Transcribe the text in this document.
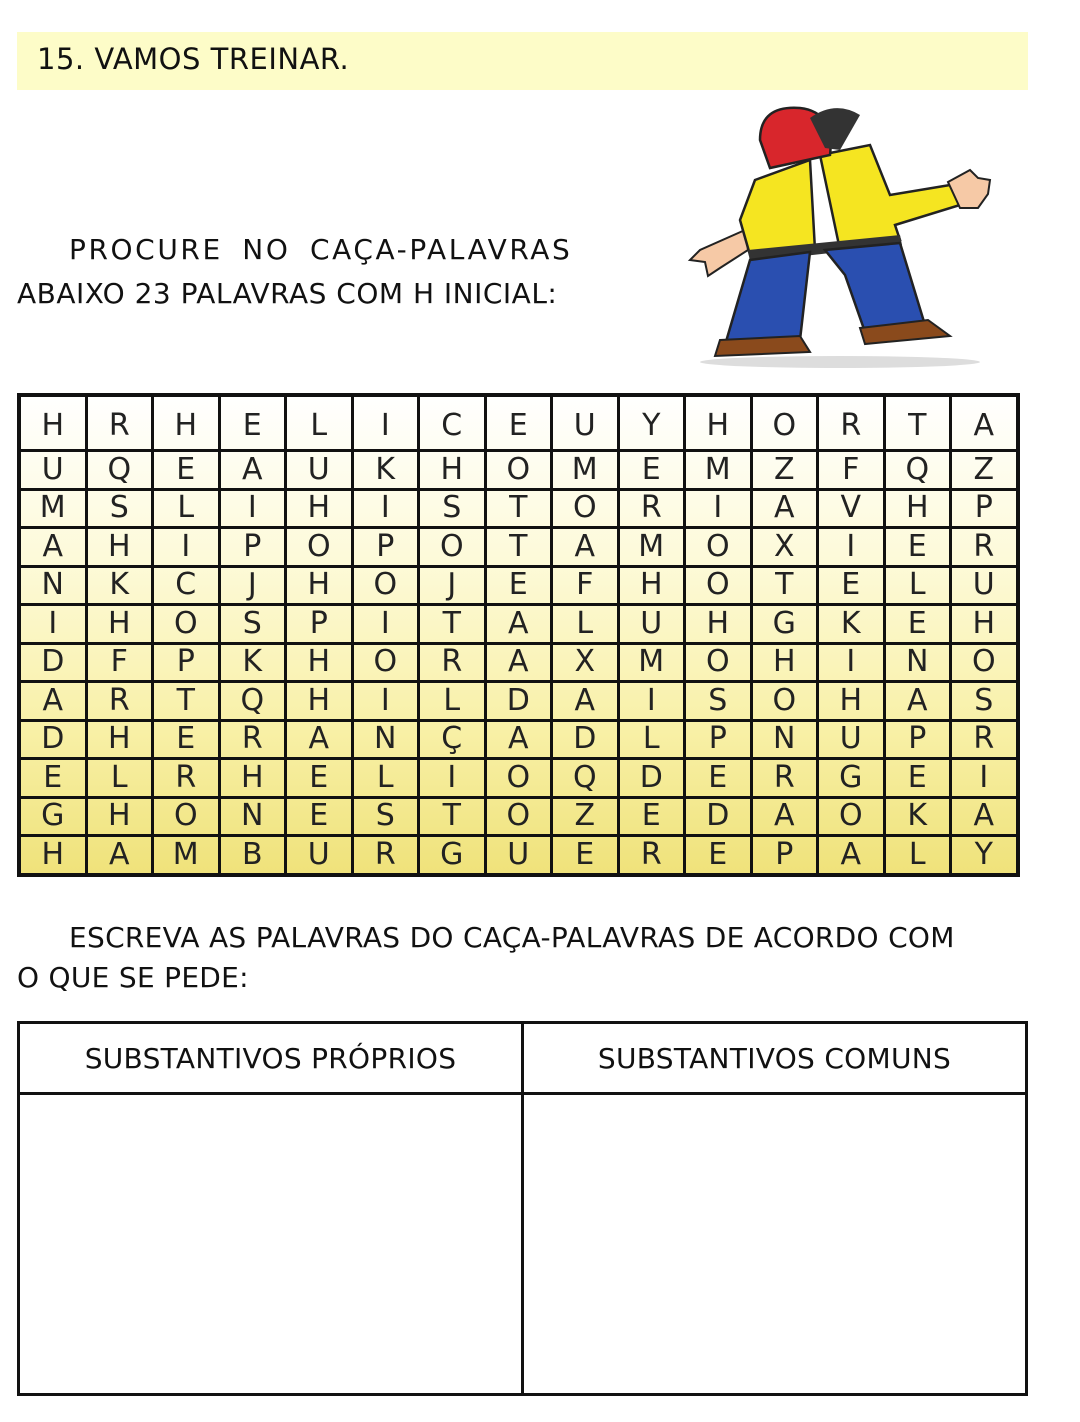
15. VAMOS TREINAR.
PROCURE NO CAÇA-PALAVRAS
ABAIXO 23 PALAVRAS COM H INICIAL:
H	R	H	E	L	I	C	E	U	Y	H	O	R	T	A
U	Q	E	A	U	K	H	O	M	E	M	Z	F	Q	Z
M	S	L	I	H	I	S	T	O	R	I	A	V	H	P
A	H	I	P	O	P	O	T	A	M	O	X	I	E	R
N	K	C	J	H	O	J	E	F	H	O	T	E	L	U
I	H	O	S	P	I	T	A	L	U	H	G	K	E	H
D	F	P	K	H	O	R	A	X	M	O	H	I	N	O
A	R	T	Q	H	I	L	D	A	I	S	O	H	A	S
D	H	E	R	A	N	Ç	A	D	L	P	N	U	P	R
E	L	R	H	E	L	I	O	Q	D	E	R	G	E	I
G	H	O	N	E	S	T	O	Z	E	D	A	O	K	A
H	A	M	B	U	R	G	U	E	R	E	P	A	L	Y
ESCREVA AS PALAVRAS DO CAÇA-PALAVRAS DE ACORDO COM
O QUE SE PEDE:
SUBSTANTIVOS PRÓPRIOS	SUBSTANTIVOS COMUNS
